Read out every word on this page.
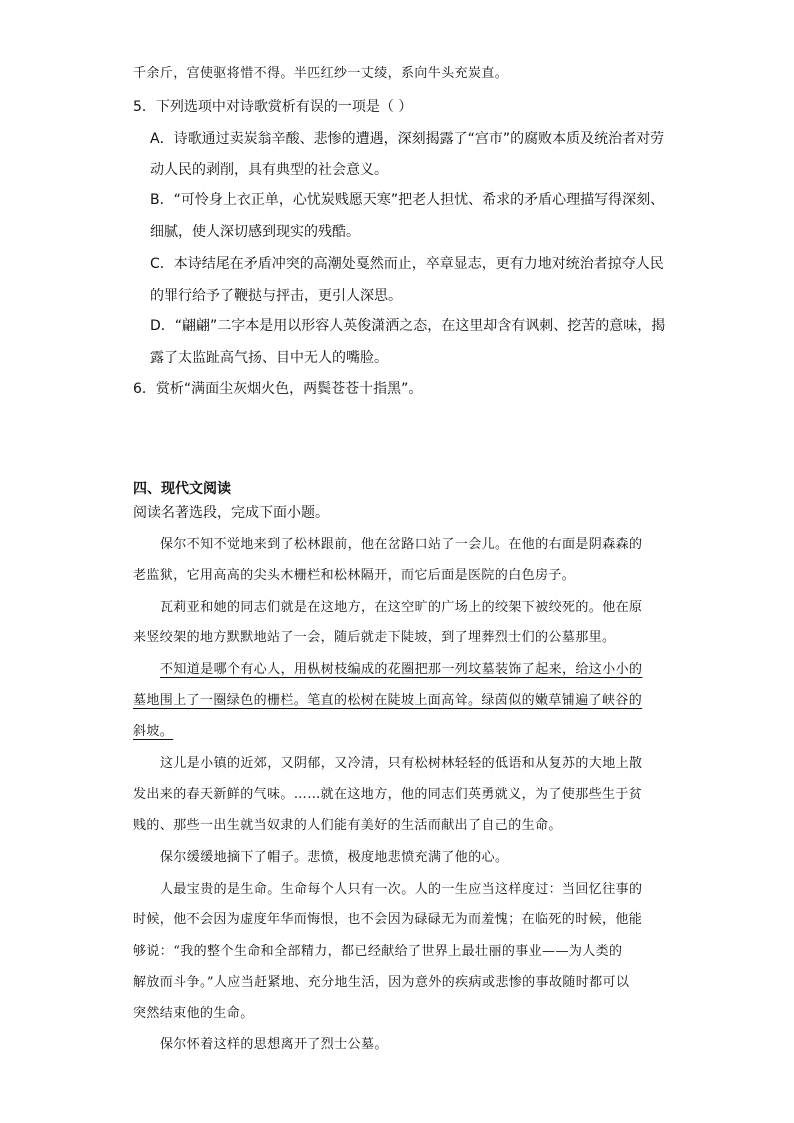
千余斤，宫使驱将惜不得。半匹红纱一丈绫，系向牛头充炭直。
5．下列选项中对诗歌赏析有误的一项是（ ）
A．诗歌通过卖炭翁辛酸、悲惨的遭遇，深刻揭露了“宫市”的腐败本质及统治者对劳
动人民的剥削，具有典型的社会意义。
B．“可怜身上衣正单，心忧炭贱愿天寒”把老人担忧、希求的矛盾心理描写得深刻、
细腻，使人深切感到现实的残酷。
C．本诗结尾在矛盾冲突的高潮处戛然而止，卒章显志，更有力地对统治者掠夺人民
的罪行给予了鞭挞与抨击，更引人深思。
D．“翩翩”二字本是用以形容人英俊潇洒之态，在这里却含有讽刺、挖苦的意味，揭
露了太监趾高气扬、目中无人的嘴脸。
6．赏析“满面尘灰烟火色，两鬓苍苍十指黑”。
四、现代文阅读
阅读名著选段，完成下面小题。
保尔不知不觉地来到了松林跟前，他在岔路口站了一会儿。在他的右面是阴森森的
老监狱，它用高高的尖头木栅栏和松林隔开，而它后面是医院的白色房子。
瓦莉亚和她的同志们就是在这地方，在这空旷的广场上的绞架下被绞死的。他在原
来竖绞架的地方默默地站了一会，随后就走下陡坡，到了埋葬烈士们的公墓那里。
不知道是哪个有心人，用枞树枝编成的花圈把那一列坟墓装饰了起来，给这小小的
墓地围上了一圈绿色的栅栏。笔直的松树在陡坡上面高耸。绿茵似的嫩草铺遍了峡谷的
斜坡。
这儿是小镇的近郊，又阴郁，又冷清，只有松树林轻轻的低语和从复苏的大地上散
发出来的春天新鲜的气味。……就在这地方，他的同志们英勇就义，为了使那些生于贫
贱的、那些一出生就当奴隶的人们能有美好的生活而献出了自己的生命。
保尔缓缓地摘下了帽子。悲愤，极度地悲愤充满了他的心。
人最宝贵的是生命。生命每个人只有一次。人的一生应当这样度过：当回忆往事的
时候，他不会因为虚度年华而悔恨，也不会因为碌碌无为而羞愧；在临死的时候，他能
够说：“我的整个生命和全部精力，都已经献给了世界上最壮丽的事业——为人类的
解放而斗争。”人应当赶紧地、充分地生活，因为意外的疾病或悲惨的事故随时都可以
突然结束他的生命。
保尔怀着这样的思想离开了烈士公墓。
